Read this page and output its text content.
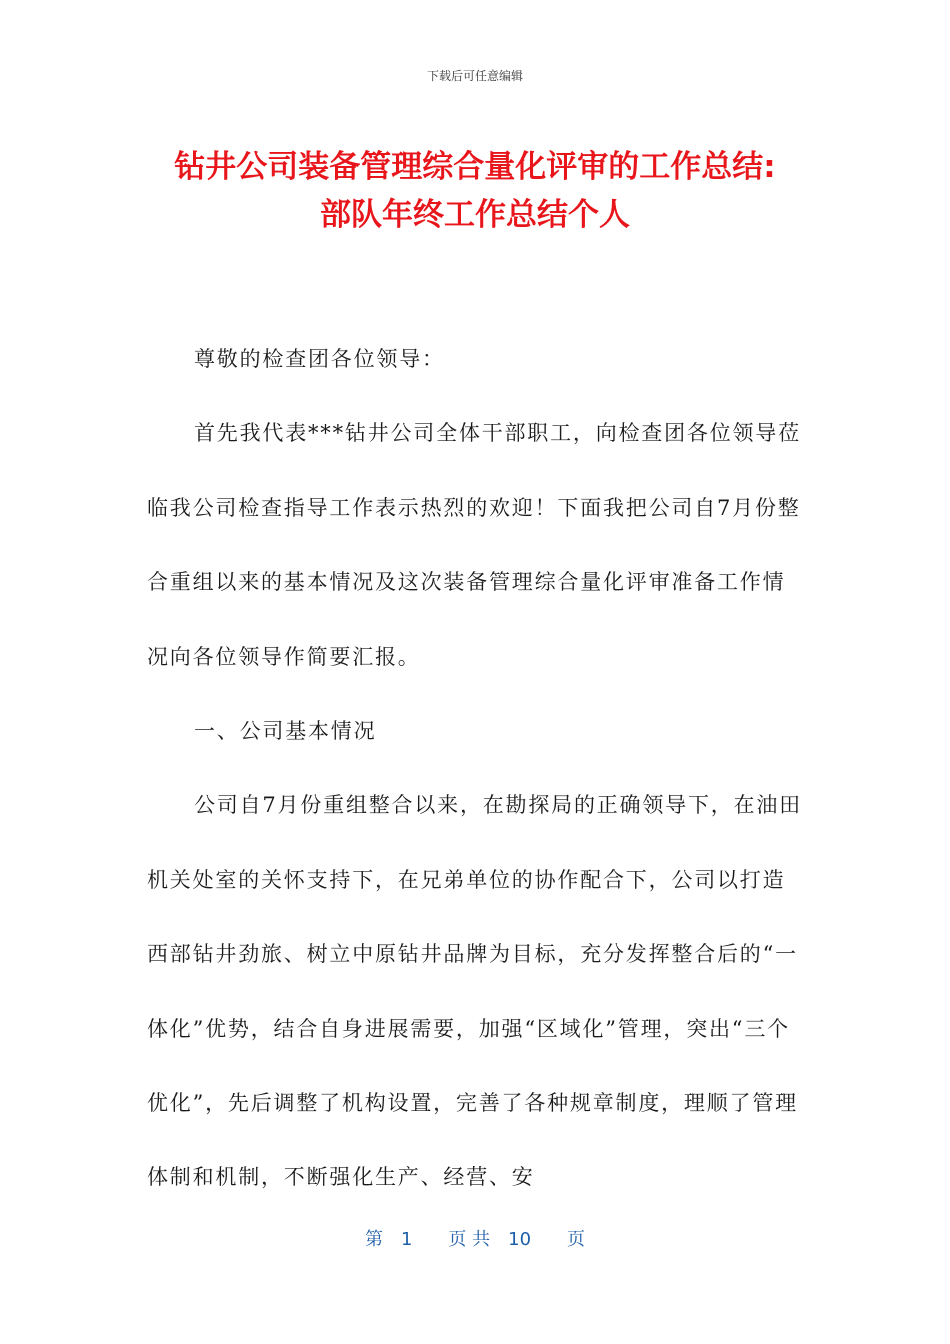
下载后可任意编辑
钻井公司装备管理综合量化评审的工作总结:
部队年终工作总结个人

尊敬的检查团各位领导：

首先我代表***钻井公司全体干部职工，向检查团各位领导莅临我公司检查指导工作表示热烈的欢迎！下面我把公司自7月份整合重组以来的基本情况及这次装备管理综合量化评审准备工作情况向各位领导作简要汇报。

一、公司基本情况

公司自7月份重组整合以来，在勘探局的正确领导下，在油田机关处室的关怀支持下，在兄弟单位的协作配合下，公司以打造西部钻井劲旅、树立中原钻井品牌为目标，充分发挥整合后的“一体化”优势，结合自身进展需要，加强“区域化”管理，突出“三个优化”，先后调整了机构设置，完善了各种规章制度，理顺了管理体制和机制，不断强化生产、经营、安

第　1　　页 共　10　　页
